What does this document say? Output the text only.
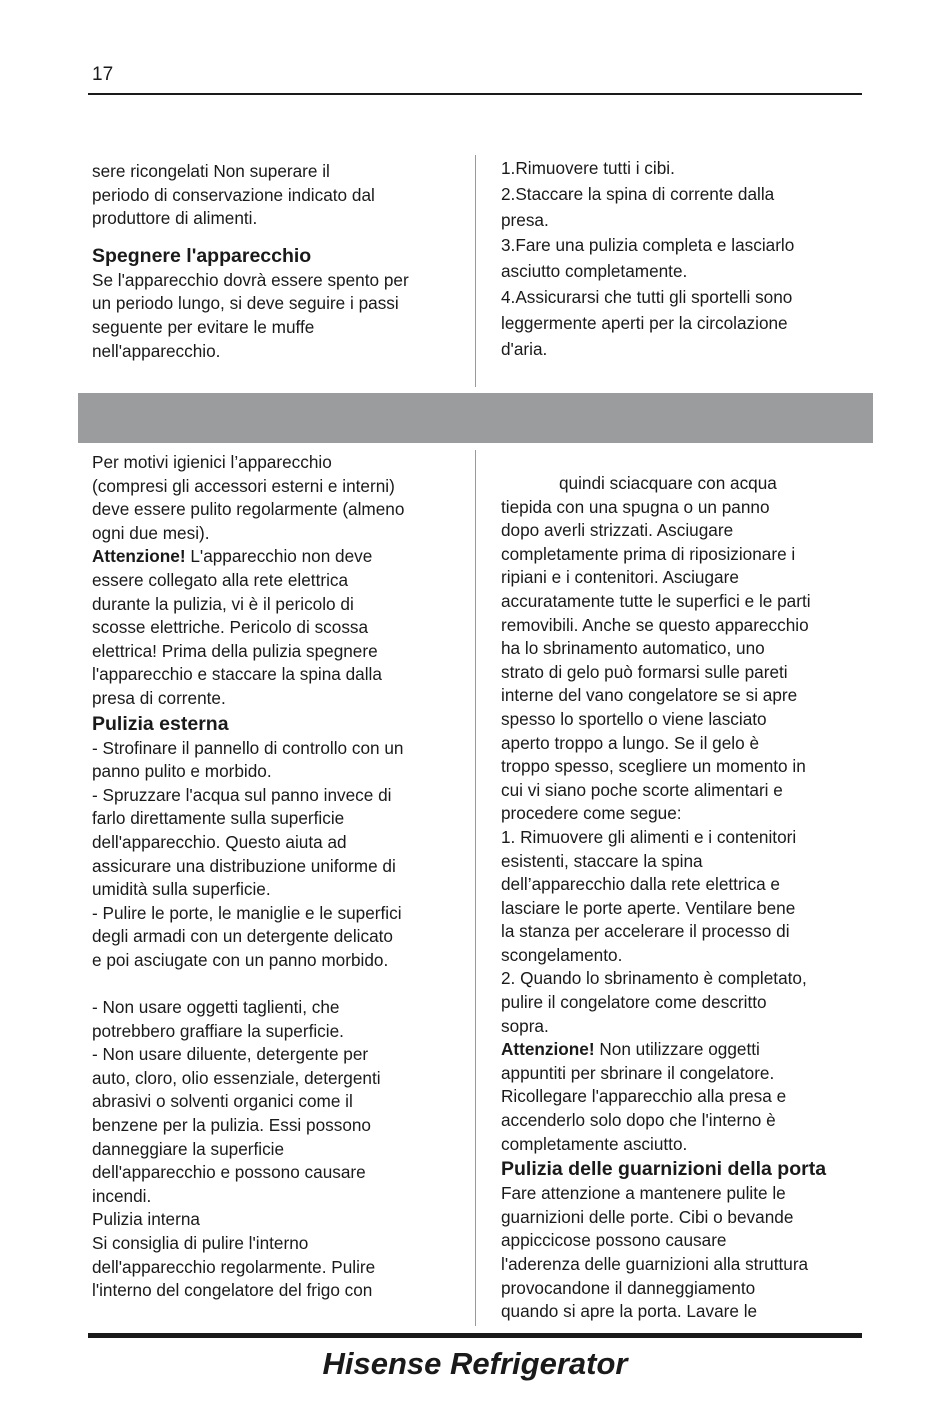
17

sere ricongelati Non superare il

periodo di conservazione indicato dal

produttore di alimenti.

Spegnere l'apparecchio

Se l'apparecchio dovrà essere spento per

un periodo lungo, si deve seguire i passi

seguente per evitare le muffe

nell'apparecchio.

1.Rimuovere tutti i cibi.

2.Staccare la spina di corrente dalla

presa.

3.Fare una pulizia completa e lasciarlo

asciutto completamente.

4.Assicurarsi che tutti gli sportelli sono

leggermente aperti per la circolazione

d'aria.

Per motivi igienici l’apparecchio

(compresi gli accessori esterni e interni)

deve essere pulito regolarmente (almeno

ogni due mesi).

Attenzione! L'apparecchio non deve

essere collegato alla rete elettrica

durante la pulizia, vi è il pericolo di

scosse elettriche. Pericolo di scossa

elettrica! Prima della pulizia spegnere

l'apparecchio e staccare la spina dalla

presa di corrente.

Pulizia esterna

- Strofinare il pannello di controllo con un

panno pulito e morbido.

- Spruzzare l'acqua sul panno invece di

farlo direttamente sulla superficie

dell'apparecchio. Questo aiuta ad

assicurare una distribuzione uniforme di

umidità sulla superficie.

- Pulire le porte, le maniglie e le superfici

degli armadi con un detergente delicato

e poi asciugate con un panno morbido.

- Non usare oggetti taglienti, che

potrebbero graffiare la superficie.

- Non usare diluente, detergente per

auto, cloro, olio essenziale, detergenti

abrasivi o solventi organici come il

benzene per la pulizia. Essi possono

danneggiare la superficie

dell'apparecchio e possono causare

incendi.

Pulizia interna

Si consiglia di pulire l'interno

dell'apparecchio regolarmente. Pulire

l'interno del congelatore del frigo con

quindi sciacquare con acqua

tiepida con una spugna o un panno

dopo averli strizzati. Asciugare

completamente prima di riposizionare i

ripiani e i contenitori. Asciugare

accuratamente tutte le superfici e le parti

removibili. Anche se questo apparecchio

ha lo sbrinamento automatico, uno

strato di gelo può formarsi sulle pareti

interne del vano congelatore se si apre

spesso lo sportello o viene lasciato

aperto troppo a lungo. Se il gelo è

troppo spesso, scegliere un momento in

cui vi siano poche scorte alimentari e

procedere come segue:

1. Rimuovere gli alimenti e i contenitori

esistenti, staccare la spina

dell’apparecchio dalla rete elettrica e

lasciare le porte aperte. Ventilare bene

la stanza per accelerare il processo di

scongelamento.

2. Quando lo sbrinamento è completato,

pulire il congelatore come descritto

sopra.

Attenzione! Non utilizzare oggetti

appuntiti per sbrinare il congelatore.

Ricollegare l'apparecchio alla presa e

accenderlo solo dopo che l'interno è

completamente asciutto.

Pulizia delle guarnizioni della porta

Fare attenzione a mantenere pulite le

guarnizioni delle porte. Cibi o bevande

appiccicose possono causare

l'aderenza delle guarnizioni alla struttura

provocandone il danneggiamento

quando si apre la porta. Lavare le

Hisense Refrigerator
